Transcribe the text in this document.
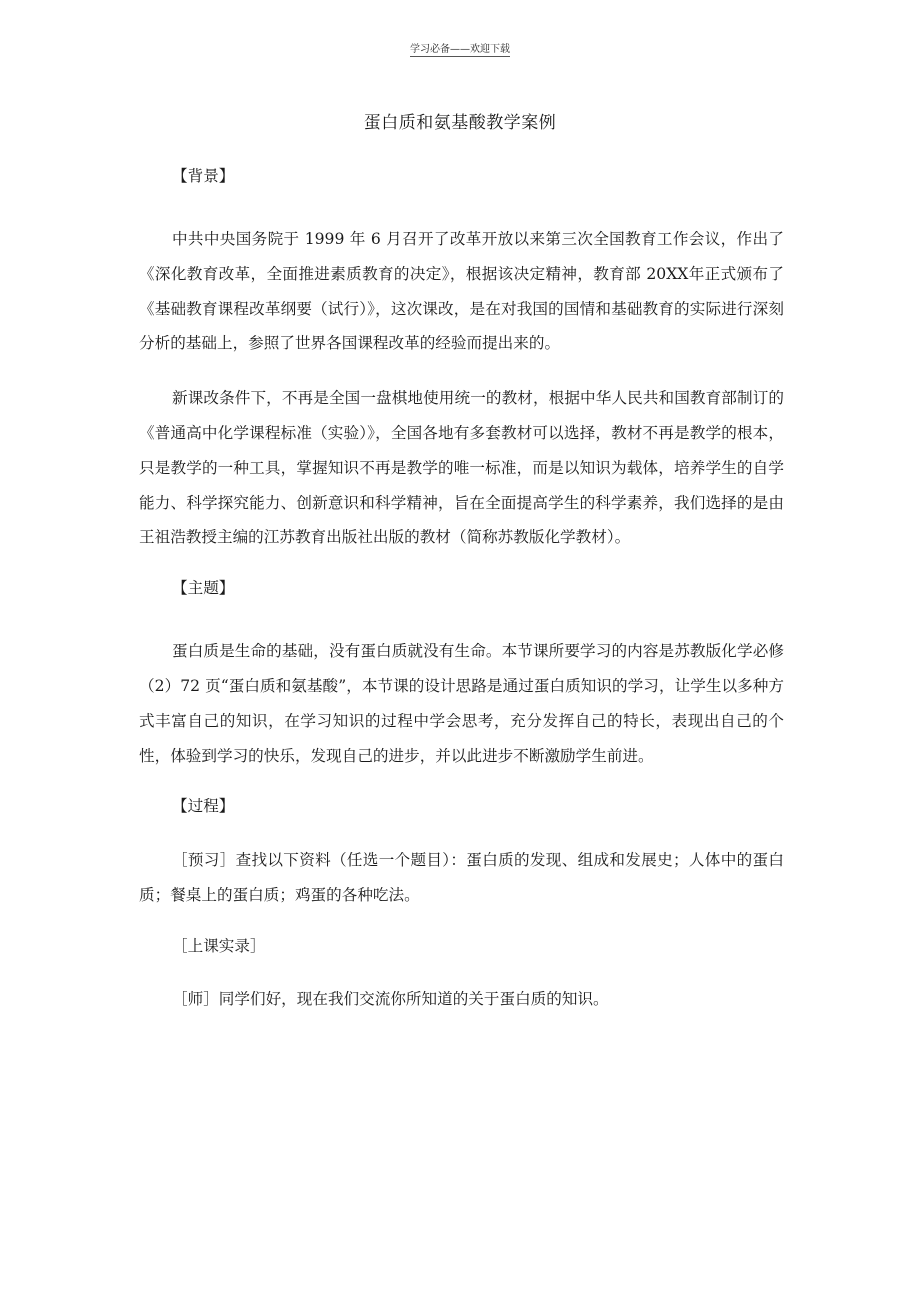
学习必备——欢迎下载
蛋白质和氨基酸教学案例

【背景】

中共中央国务院于 1999 年 6 月召开了改革开放以来第三次全国教育工作会议，作出了《深化教育改革，全面推进素质教育的决定》，根据该决定精神，教育部 20XX年正式颁布了《基础教育课程改革纲要（试行）》，这次课改，是在对我国的国情和基础教育的实际进行深刻分析的基础上，参照了世界各国课程改革的经验而提出来的。

新课改条件下，不再是全国一盘棋地使用统一的教材，根据中华人民共和国教育部制订的《普通高中化学课程标准（实验）》，全国各地有多套教材可以选择，教材不再是教学的根本，只是教学的一种工具，掌握知识不再是教学的唯一标准，而是以知识为载体，培养学生的自学能力、科学探究能力、创新意识和科学精神，旨在全面提高学生的科学素养，我们选择的是由王祖浩教授主编的江苏教育出版社出版的教材（简称苏教版化学教材）。

【主题】

蛋白质是生命的基础，没有蛋白质就没有生命。本节课所要学习的内容是苏教版化学必修（2）72 页“蛋白质和氨基酸”，本节课的设计思路是通过蛋白质知识的学习，让学生以多种方式丰富自己的知识，在学习知识的过程中学会思考，充分发挥自己的特长，表现出自己的个性，体验到学习的快乐，发现自己的进步，并以此进步不断激励学生前进。

【过程】

［预习］查找以下资料（任选一个题目）：蛋白质的发现、组成和发展史；人体中的蛋白质；餐桌上的蛋白质；鸡蛋的各种吃法。

［上课实录］

［师］同学们好，现在我们交流你所知道的关于蛋白质的知识。
